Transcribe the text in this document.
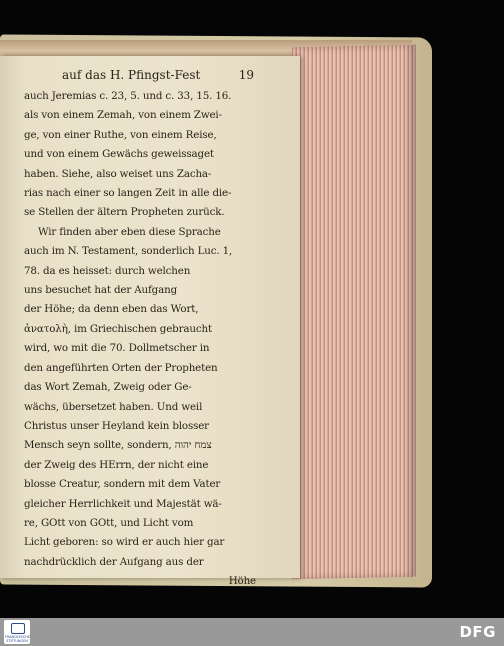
auf das H. Pfingst-Fest	19
auch Jeremias c. 23, 5. und c. 33, 15. 16.
als von einem Zemah, von einem Zwei-
ge, von einer Ruthe, von einem Reise,
und von einem Gewächs geweissaget
haben. Siehe, also weiset uns Zacha-
rias nach einer so langen Zeit in alle die-
se Stellen der ältern Propheten zurück.
Wir finden aber eben diese Sprache
auch im N. Testament, sonderlich Luc. 1,
78. da es heisset: durch welchen
uns besuchet hat der Aufgang
der Höhe; da denn eben das Wort,
ἀνατολὴ, im Griechischen gebraucht
wird, wo mit die 70. Dollmetscher in
den angeführten Orten der Propheten
das Wort Zemah, Zweig oder Ge-
wächs, übersetzet haben. Und weil
Christus unser Heyland kein blosser
Mensch seyn sollte, sondern, צמח יהוה
der Zweig des HErrn, der nicht eine
blosse Creatur, sondern mit dem Vater
gleicher Herrlichkeit und Majestät wä-
re, GOtt von GOtt, und Licht vom
Licht geboren: so wird er auch hier gar
nachdrücklich der Aufgang aus der
Höhe
FRANCKESCHE STIFTUNGEN	DFG
